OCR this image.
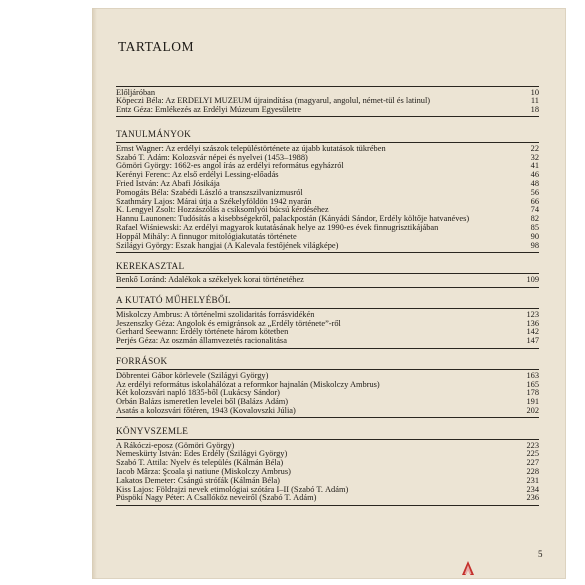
TARTALOM
Előljáróban	10
Köpeczi Béla: Az ERDÉLYI MÚZEUM újraindítása (magyarul, angolul, német-tül és latinul)	11
Entz Géza: Emlékezés az Erdélyi Múzeum Egyesületre	18
TANULMÁNYOK
Ernst Wagner: Az erdélyi szászok településtörténete az újabb kutatások tükrében	22
Szabó T. Ádám: Kolozsvár népei és nyelvei (1453–1988)	32
Gömöri György: 1662-es angol írás az erdélyi református egyházról	41
Kerényi Ferenc: Az első erdélyi Lessing-előadás	46
Fried István: Az Abafi Jósikája	48
Pomogáts Béla: Szabédi László a transzszilvanizmusról	56
Szathmáry Lajos: Márai útja a Székelyföldön 1942 nyarán	66
K. Lengyel Zsolt: Hozzászólás a csíksomlyói búcsú kérdéséhez	74
Hannu Launonen: Tudósítás a kisebbségekről, palackpostán (Kányádi Sándor, Erdély költője hatvanéves)	82
Rafael Wiśniewski: Az erdélyi magyarok kutatásának helye az 1990-es évek finnugrisztikájában	85
Hoppál Mihály: A finnugor mitológiakutatás története	90
Szilágyi György: Észak hangjai (A Kalevala festőjének világképe)	98
KEREKASZTAL
Benkő Loránd: Adalékok a székelyek korai történetéhez	109
A KUTATÓ MŰHELYÉBŐL
Miskolczy Ambrus: A történelmi szolidaritás forrásvidékén	123
Jeszenszky Géza: Angolok és emigránsok az „Erdély története”-ről	136
Gerhard Seewann: Erdély története három kötetben	142
Perjés Géza: Az oszmán államvezetés racionalitása	147
FORRÁSOK
Döbrentei Gábor körlevele (Szilágyi György)	163
Az erdélyi református iskolahálózat a reformkor hajnalán (Miskolczy Ambrus)	165
Két kolozsvári napló 1835-ből (Lukácsy Sándor)	178
Orbán Balázs ismeretlen levelei ből (Balázs Ádám)	191
Ásatás a kolozsvári főtéren, 1943 (Kovalovszki Júlia)	202
KÖNYVSZEMLE
A Rákóczi-eposz (Gömöri György)	223
Nemeskürty István: Édes Erdély (Szilágyi György)	225
Szabó T. Attila: Nyelv és település (Kálmán Béla)	227
Iacob Mârza: Şcoala şi natiune (Miskolczy Ambrus)	228
Lakatos Demeter: Csángú strófák (Kálmán Béla)	231
Kiss Lajos: Földrajzi nevek etimológiai szótára I–II (Szabó T. Ádám)	234
Püspöki Nagy Péter: A Csallóköz neveiről (Szabó T. Ádám)	236
5
